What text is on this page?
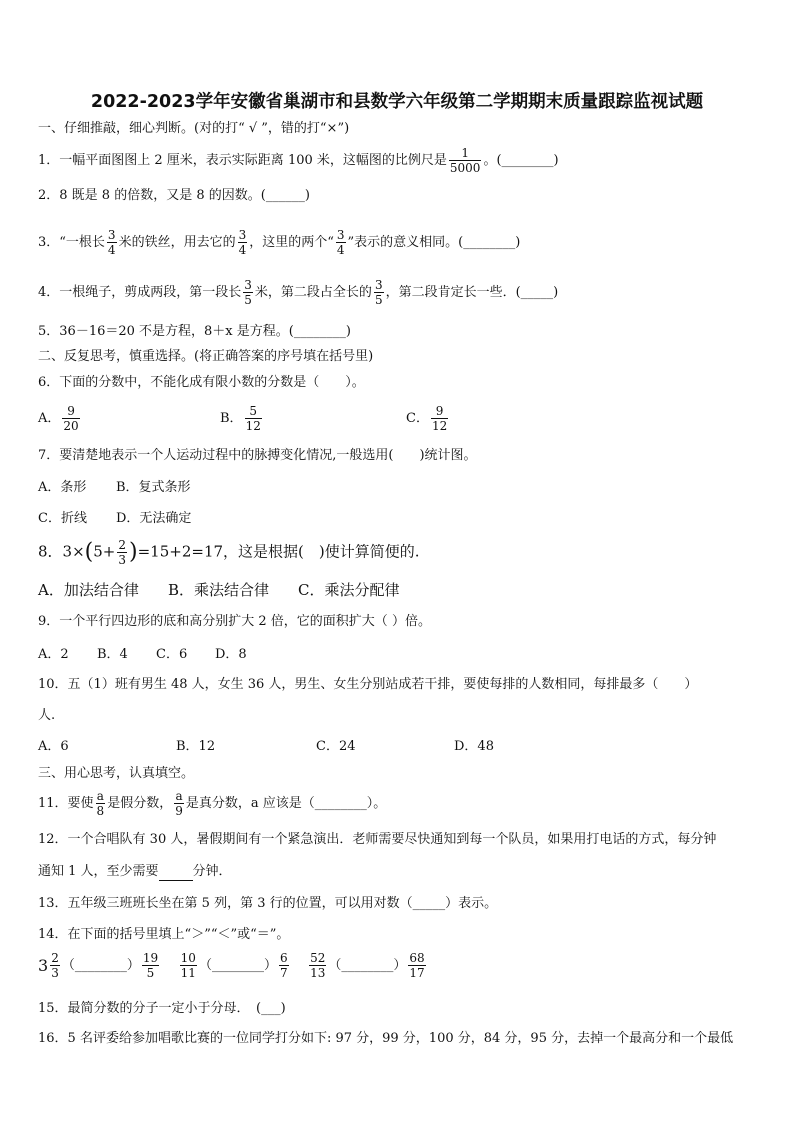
2022-2023学年安徽省巢湖市和县数学六年级第二学期期末质量跟踪监视试题
一、仔细推敲，细心判断。(对的打“ √ ”，错的打“×”)
1．一幅平面图图上 2 厘米，表示实际距离 100 米，这幅图的比例尺是 $\frac{1}{5000}$ 。(________)
2．8 既是 8 的倍数，又是 8 的因数。(______)
3．“一根长 $\frac{3}{4}$ 米的铁丝，用去它的 $\frac{3}{4}$ ，这里的两个“ $\frac{3}{4}$ ”表示的意义相同。(________)
4．一根绳子，剪成两段，第一段长 $\frac{3}{5}$ 米，第二段占全长的 $\frac{3}{5}$ ，第二段肯定长一些．(_____)
5．36－16＝20 不是方程，8＋x 是方程。(________)
二、反复思考，慎重选择。(将正确答案的序号填在括号里)
6．下面的分数中，不能化成有限小数的分数是（　　）。
A． $\frac{9}{20}$	B． $\frac{5}{12}$	C． $\frac{9}{12}$
7．要清楚地表示一个人运动过程中的脉搏变化情况,一般选用(　　)统计图。
A．条形 B．复式条形
C．折线 D．无法确定
8．$3\times(5+ \frac{2}{3} )=15+2=17$，这是根据(　)使计算简便的.
A．加法结合律 B．乘法结合律 C．乘法分配律
9．一个平行四边形的底和高分别扩大 2 倍，它的面积扩大（ ）倍。
A．2 B．4 C．6 D．8
10．五（1）班有男生 48 人，女生 36 人，男生、女生分别站成若干排，要使每排的人数相同，每排最多（　　）
人.
A．6	B．12	C．24	D．48
三、用心思考，认真填空。
11．要使 $\frac{a}{8}$ 是假分数， $\frac{a}{9}$ 是真分数，a 应该是（________）。
12．一个合唱队有 30 人，暑假期间有一个紧急演出．老师需要尽快通知到每一个队员，如果用打电话的方式，每分钟
通知 1 人，至少需要	分钟．
13．五年级三班班长坐在第 5 列，第 3 行的位置，可以用对数（_____）表示。
14．在下面的括号里填上“＞”“＜”或“＝”。
$3 \frac{2}{3}$ （________） $\frac{19}{5}$
$\frac{10}{11}$ （________） $\frac{6}{7}$
$\frac{52}{13}$ （________） $\frac{68}{17}$
15．最简分数的分子一定小于分母．　(___)
16．5 名评委给参加唱歌比赛的一位同学打分如下: 97 分，99 分，100 分，84 分，95 分，去掉一个最高分和一个最低
